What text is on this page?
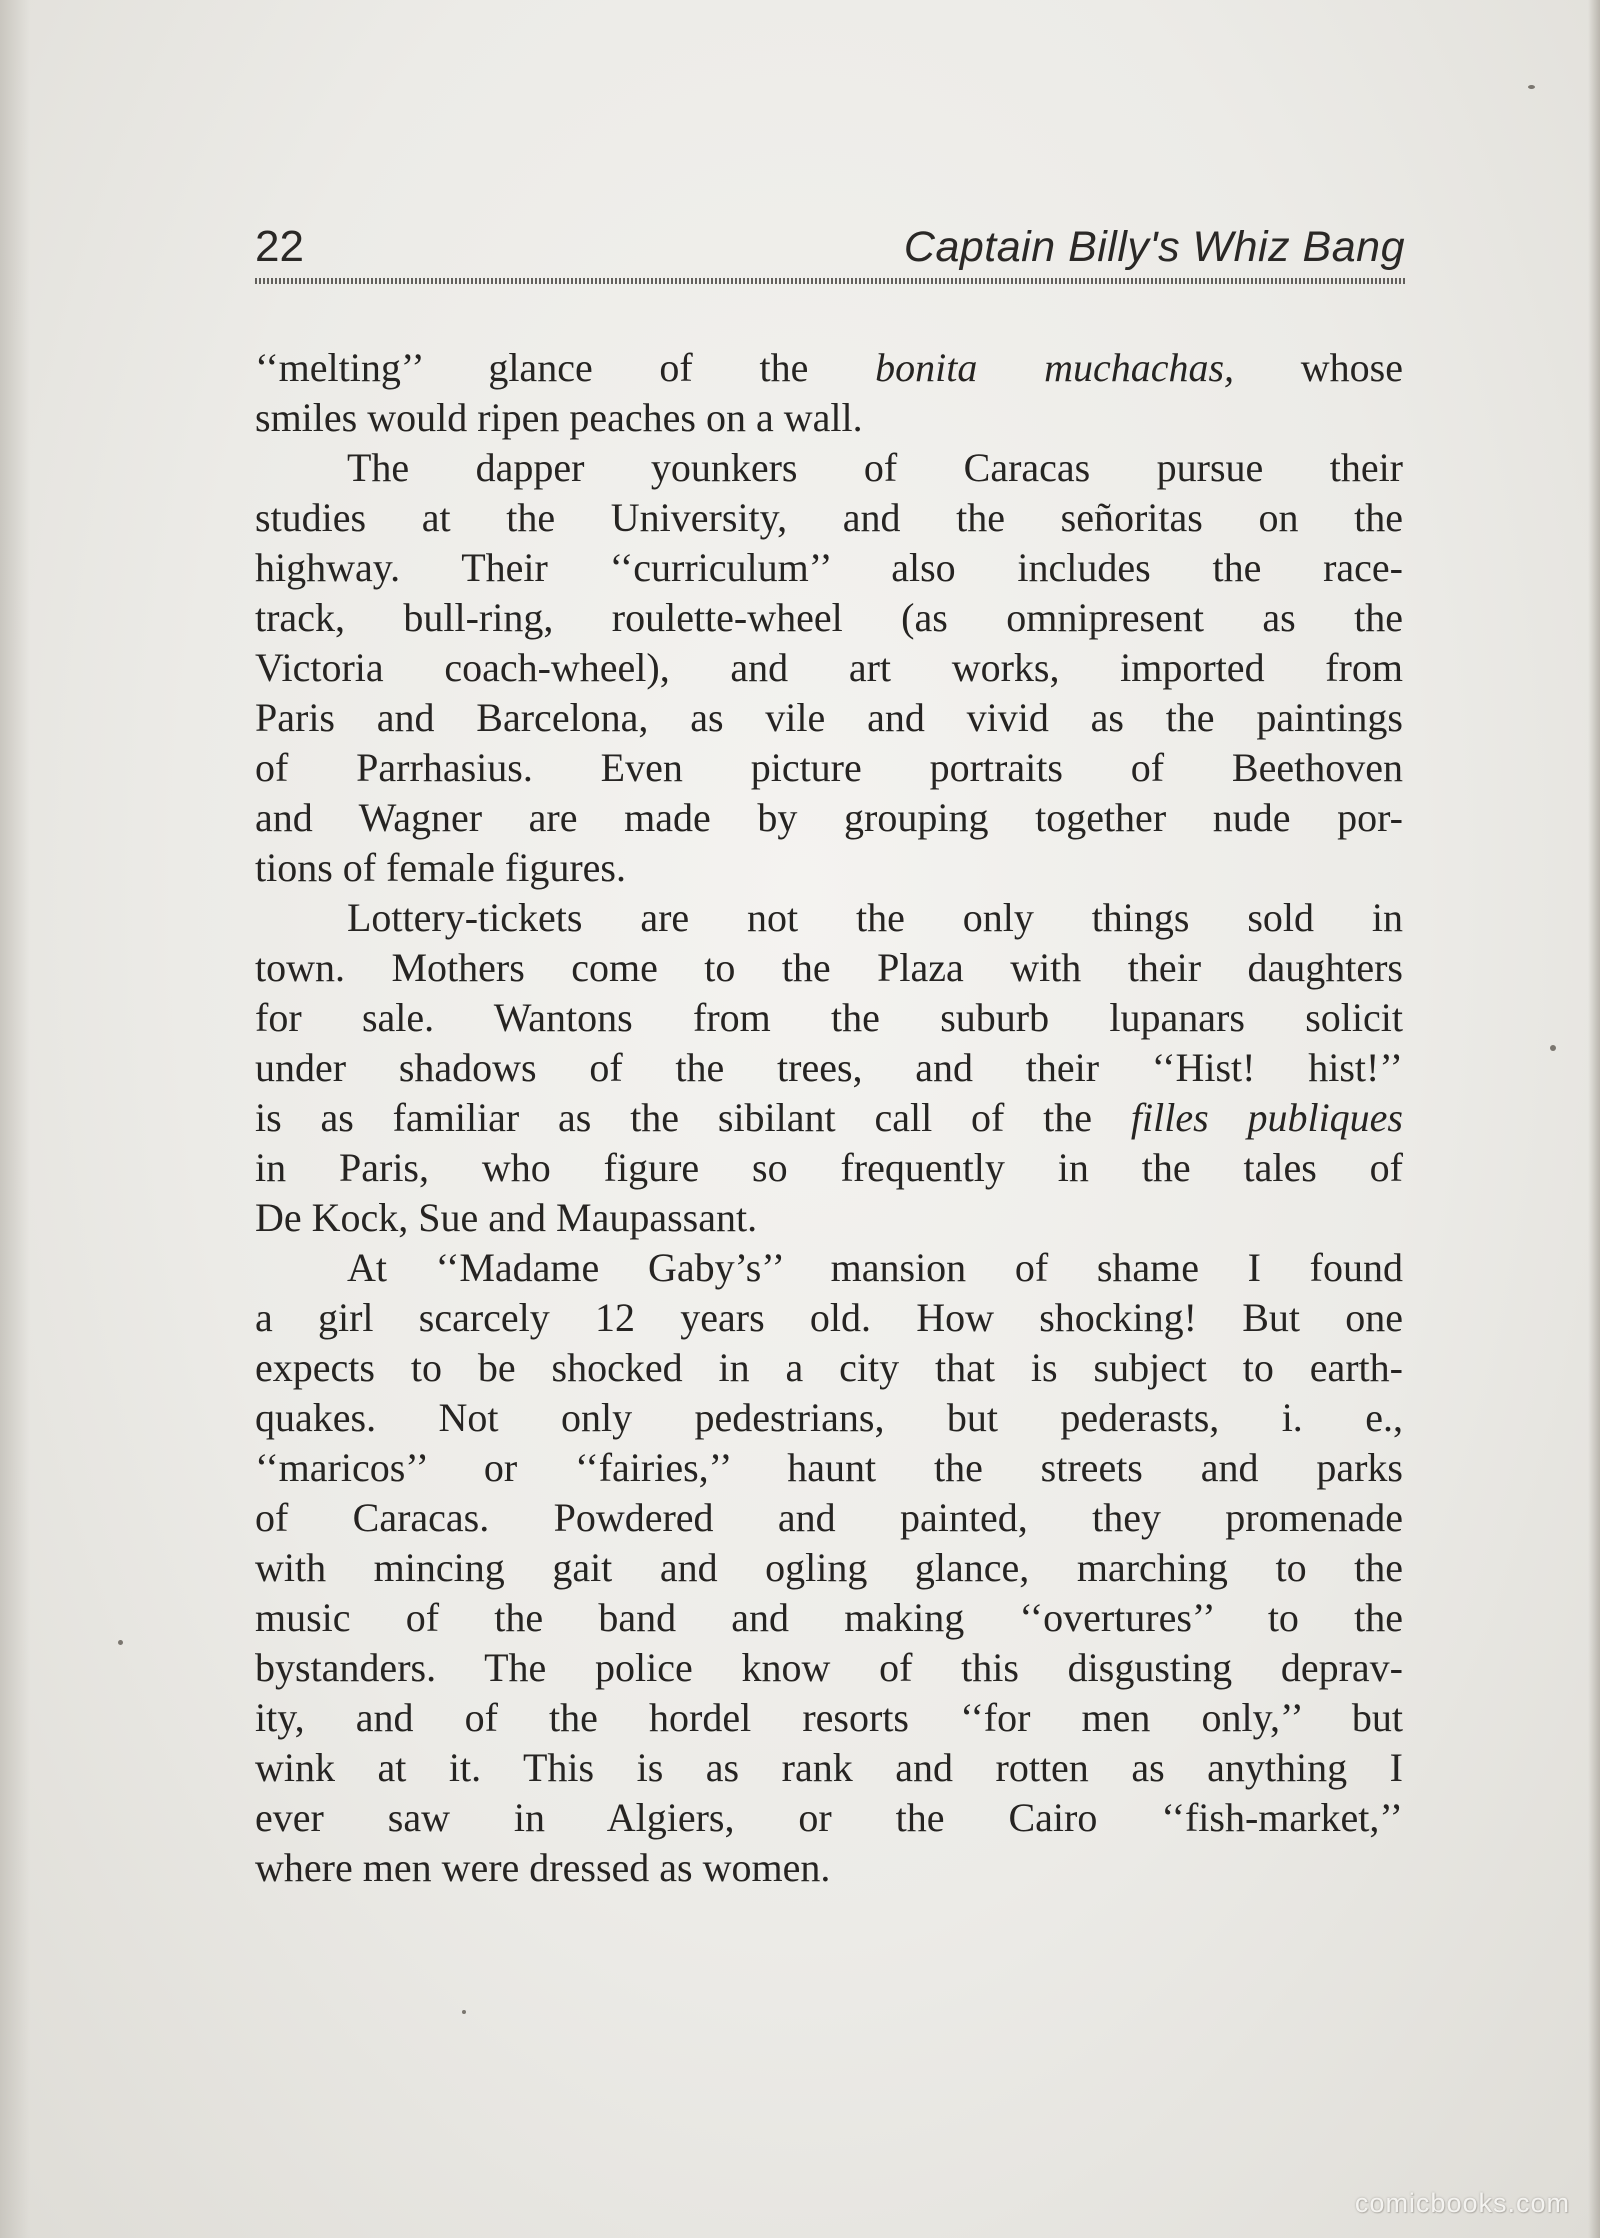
22	Captain Billy's Whiz Bang
‘‘melting’’ glance of the bonita muchachas, whose
smiles would ripen peaches on a wall.
The dapper younkers of Caracas pursue their
studies at the University, and the señoritas on the
highway. Their ‘‘curriculum’’ also includes the race-
track, bull-ring, roulette-wheel (as omnipresent as the
Victoria coach-wheel), and art works, imported from
Paris and Barcelona, as vile and vivid as the paintings
of Parrhasius. Even picture portraits of Beethoven
and Wagner are made by grouping together nude por-
tions of female figures.
Lottery-tickets are not the only things sold in
town. Mothers come to the Plaza with their daughters
for sale. Wantons from the suburb lupanars solicit
under shadows of the trees, and their ‘‘Hist! hist!’’
is as familiar as the sibilant call of the filles publiques
in Paris, who figure so frequently in the tales of
De Kock, Sue and Maupassant.
At ‘‘Madame Gaby’s’’ mansion of shame I found
a girl scarcely 12 years old. How shocking! But one
expects to be shocked in a city that is subject to earth-
quakes. Not only pedestrians, but pederasts, i. e.,
‘‘maricos’’ or ‘‘fairies,’’ haunt the streets and parks
of Caracas. Powdered and painted, they promenade
with mincing gait and ogling glance, marching to the
music of the band and making ‘‘overtures’’ to the
bystanders. The police know of this disgusting deprav-
ity, and of the hordel resorts ‘‘for men only,’’ but
wink at it. This is as rank and rotten as anything I
ever saw in Algiers, or the Cairo ‘‘fish-market,’’
where men were dressed as women.
comicbooks.com
